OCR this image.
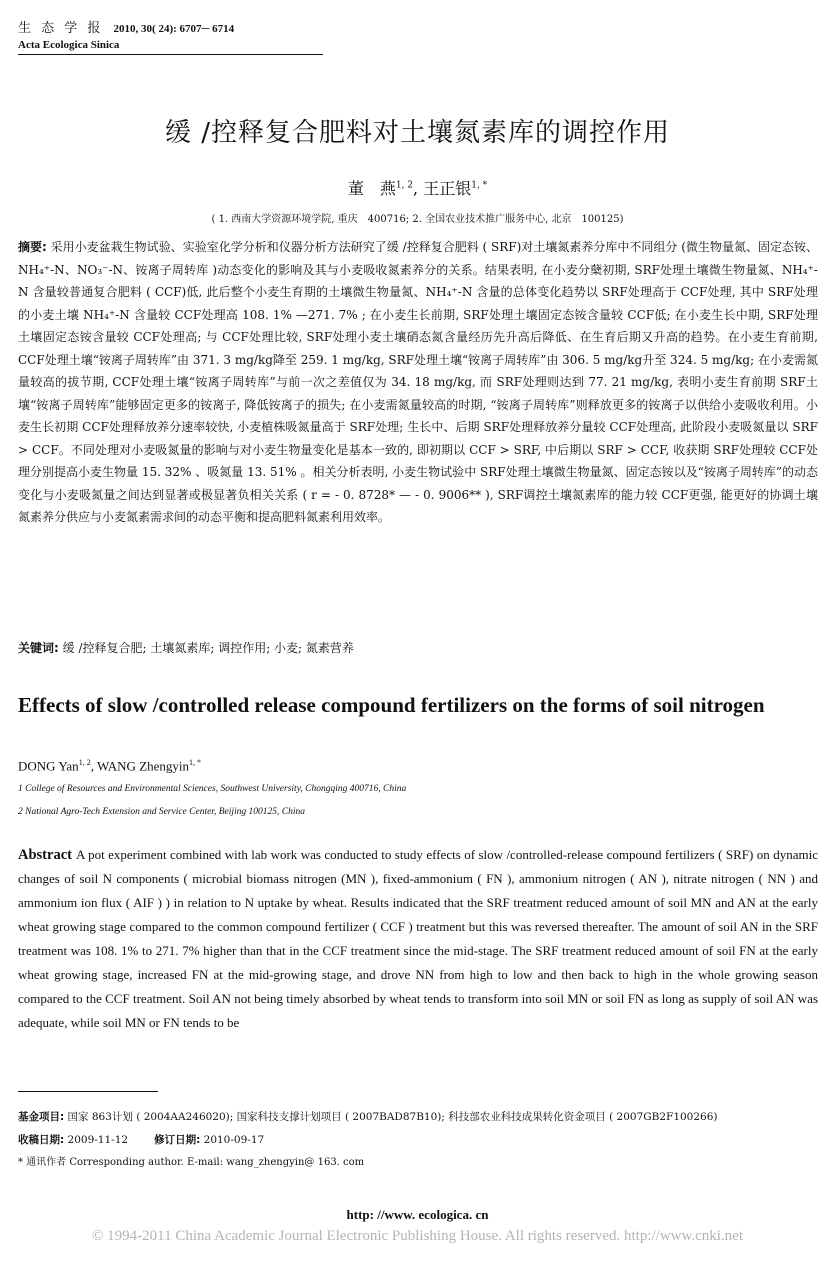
生 态 学 报 2010, 30( 24): 6707─ 6714
Acta Ecologica Sinica
缓 /控释复合肥料对土壤氮素库的调控作用
董　燕$^{1, 2}$, 王正银$^{1, *}$
( 1. 西南大学资源环境学院, 重庆　400716; 2. 全国农业技术推广服务中心, 北京　100125)
摘要: 采用小麦盆栽生物试验、实验室化学分析和仪器分析方法研究了缓 /控释复合肥料 ( SRF)对土壤氮素养分库中不同组分 (微生物量氮、固定态铵、NH₄⁺-N、NO₃⁻-N、铵离子周转库 )动态变化的影响及其与小麦吸收氮素养分的关系。结果表明, 在小麦分蘖初期, SRF处理土壤微生物量氮、NH₄⁺-N 含量较普通复合肥料 ( CCF)低, 此后整个小麦生育期的土壤微生物量氮、NH₄⁺-N 含量的总体变化趋势以 SRF处理高于 CCF处理, 其中 SRF处理的小麦土壤 NH₄⁺-N 含量较 CCF处理高 108. 1% —271. 7% ; 在小麦生长前期, SRF处理土壤固定态铵含量较 CCF低; 在小麦生长中期, SRF处理土壤固定态铵含量较 CCF处理高; 与 CCF处理比较, SRF处理小麦土壤硝态氮含量经历先升高后降低、在生育后期又升高的趋势。在小麦生育前期, CCF处理土壤“铵离子周转库”由 371. 3 mg/kg降至 259. 1 mg/kg, SRF处理土壤“铵离子周转库”由 306. 5 mg/kg升至 324. 5 mg/kg; 在小麦需氮量较高的拔节期, CCF处理土壤“铵离子周转库”与前一次之差值仅为 34. 18 mg/kg, 而 SRF处理则达到 77. 21 mg/kg, 表明小麦生育前期 SRF土壤“铵离子周转库”能够固定更多的铵离子, 降低铵离子的损失; 在小麦需氮量较高的时期, “铵离子周转库”则释放更多的铵离子以供给小麦吸收利用。小麦生长初期 CCF处理释放养分速率较快, 小麦植株吸氮量高于 SRF处理; 生长中、后期 SRF处理释放养分量较 CCF处理高, 此阶段小麦吸氮量以 SRF > CCF。不同处理对小麦吸氮量的影响与对小麦生物量变化是基本一致的, 即初期以 CCF > SRF, 中后期以 SRF > CCF, 收获期 SRF处理较 CCF处理分别提高小麦生物量 15. 32% 、吸氮量 13. 51% 。相关分析表明, 小麦生物试验中 SRF处理土壤微生物量氮、固定态铵以及“铵离子周转库”的动态变化与小麦吸氮量之间达到显著或极显著负相关关系 ( r = - 0. 8728* — - 0. 9006** ), SRF调控土壤氮素库的能力较 CCF更强, 能更好的协调土壤氮素养分供应与小麦氮素需求间的动态平衡和提高肥料氮素利用效率。
关键词: 缓 /控释复合肥; 土壤氮素库; 调控作用; 小麦; 氮素营养
Effects of slow /controlled release compound fertilizers on the forms of soil nitrogen
DONG Yan$^{1, 2}$, WANG Zhengyin$^{1, *}$
1 College of Resources and Environmental Sciences, Southwest University, Chongqing 400716, China
2 National Agro-Tech Extension and Service Center, Beijing 100125, China
Abstract A pot experiment combined with lab work was conducted to study effects of slow /controlled-release compound fertilizers ( SRF) on dynamic changes of soil N components ( microbial biomass nitrogen (MN ), fixed-ammonium ( FN ), ammonium nitrogen ( AN ), nitrate nitrogen ( NN ) and ammonium ion flux ( AIF ) ) in relation to N uptake by wheat. Results indicated that the SRF treatment reduced amount of soil MN and AN at the early wheat growing stage compared to the common compound fertilizer ( CCF ) treatment but this was reversed thereafter. The amount of soil AN in the SRF treatment was 108. 1% to 271. 7% higher than that in the CCF treatment since the mid-stage. The SRF treatment reduced amount of soil FN at the early wheat growing stage, increased FN at the mid-growing stage, and drove NN from high to low and then back to high in the whole growing season compared to the CCF treatment. Soil AN not being timely absorbed by wheat tends to transform into soil MN or soil FN as long as supply of soil AN was adequate, while soil MN or FN tends to be
基金项目: 国家 863计划 ( 2004AA246020); 国家科技支撑计划项目 ( 2007BAD87B10); 科技部农业科技成果转化资金项目 ( 2007GB2F100266)
收稿日期: 2009-11-12 修订日期: 2010-09-17
* 通讯作者 Corresponding author. E-mail: wang_zhengyin@ 163. com
http: //www. ecologica. cn
© 1994-2011 China Academic Journal Electronic Publishing House. All rights reserved. http://www.cnki.net
